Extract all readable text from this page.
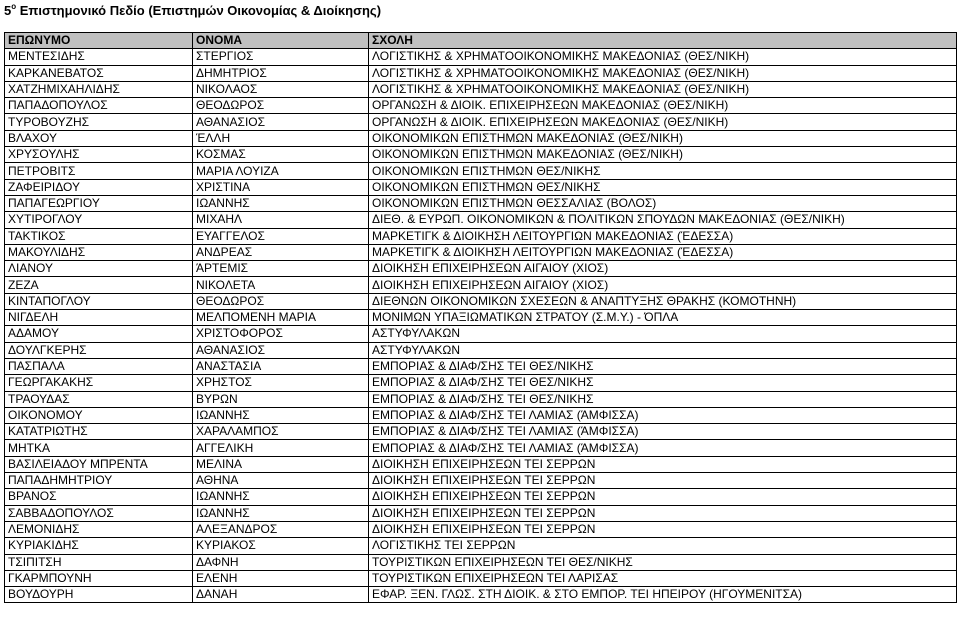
$5^o$ Επιστημονικό Πεδίο (Επιστημών Οικονομίας & Διοίκησης)
ΕΠΩΝΥΜΟ	ΟΝΟΜΑ	ΣΧΟΛΗ
ΜΕΝΤΕΣΙΔΗΣ	ΣΤΕΡΓΙΟΣ	ΛΟΓΙΣΤΙΚΗΣ & ΧΡΗΜΑΤΟΟΙΚΟΝΟΜΙΚΗΣ ΜΑΚΕΔΟΝΙΑΣ (ΘΕΣ/ΝΙΚΗ)
ΚΑΡΚΑΝΕΒΑΤΟΣ	ΔΗΜΗΤΡΙΟΣ	ΛΟΓΙΣΤΙΚΗΣ & ΧΡΗΜΑΤΟΟΙΚΟΝΟΜΙΚΗΣ ΜΑΚΕΔΟΝΙΑΣ (ΘΕΣ/ΝΙΚΗ)
ΧΑΤΖΗΜΙΧΑΗΛΙΔΗΣ	ΝΙΚΟΛΑΟΣ	ΛΟΓΙΣΤΙΚΗΣ & ΧΡΗΜΑΤΟΟΙΚΟΝΟΜΙΚΗΣ ΜΑΚΕΔΟΝΙΑΣ (ΘΕΣ/ΝΙΚΗ)
ΠΑΠΑΔΟΠΟΥΛΟΣ	ΘΕΟΔΩΡΟΣ	ΟΡΓΑΝΩΣΗ & ΔΙΟΙΚ. ΕΠΙΧΕΙΡΗΣΕΩΝ ΜΑΚΕΔΟΝΙΑΣ (ΘΕΣ/ΝΙΚΗ)
ΤΥΡΟΒΟΥΖΗΣ	ΑΘΑΝΑΣΙΟΣ	ΟΡΓΑΝΩΣΗ & ΔΙΟΙΚ. ΕΠΙΧΕΙΡΗΣΕΩΝ ΜΑΚΕΔΟΝΙΑΣ (ΘΕΣ/ΝΙΚΗ)
ΒΛΑΧΟΥ	ΈΛΛΗ	ΟΙΚΟΝΟΜΙΚΩΝ ΕΠΙΣΤΗΜΩΝ ΜΑΚΕΔΟΝΙΑΣ (ΘΕΣ/ΝΙΚΗ)
ΧΡΥΣΟΥΛΗΣ	ΚΟΣΜΑΣ	ΟΙΚΟΝΟΜΙΚΩΝ ΕΠΙΣΤΗΜΩΝ ΜΑΚΕΔΟΝΙΑΣ (ΘΕΣ/ΝΙΚΗ)
ΠΕΤΡΟΒΙΤΣ	ΜΑΡΙΑ ΛΟΥΙΖΑ	ΟΙΚΟΝΟΜΙΚΩΝ ΕΠΙΣΤΗΜΩΝ ΘΕΣ/ΝΙΚΗΣ
ΖΑΦΕΙΡΙΔΟΥ	ΧΡΙΣΤΙΝΑ	ΟΙΚΟΝΟΜΙΚΩΝ ΕΠΙΣΤΗΜΩΝ ΘΕΣ/ΝΙΚΗΣ
ΠΑΠΑΓΕΩΡΓΙΟΥ	ΙΩΑΝΝΗΣ	ΟΙΚΟΝΟΜΙΚΩΝ ΕΠΙΣΤΗΜΩΝ ΘΕΣΣΑΛΙΑΣ (ΒΟΛΟΣ)
ΧΥΤΙΡΟΓΛΟΥ	ΜΙΧΑΗΛ	ΔΙΕΘ. & ΕΥΡΩΠ. ΟΙΚΟΝΟΜΙΚΩΝ & ΠΟΛΙΤΙΚΩΝ ΣΠΟΥΔΩΝ ΜΑΚΕΔΟΝΙΑΣ (ΘΕΣ/ΝΙΚΗ)
ΤΑΚΤΙΚΟΣ	ΕΥΑΓΓΕΛΟΣ	ΜΑΡΚΕΤΙΓΚ & ΔΙΟΙΚΗΣΗ ΛΕΙΤΟΥΡΓΙΩΝ ΜΑΚΕΔΟΝΙΑΣ (ΈΔΕΣΣΑ)
ΜΑΚΟΥΛΙΔΗΣ	ΑΝΔΡΕΑΣ	ΜΑΡΚΕΤΙΓΚ & ΔΙΟΙΚΗΣΗ ΛΕΙΤΟΥΡΓΙΩΝ ΜΑΚΕΔΟΝΙΑΣ (ΈΔΕΣΣΑ)
ΛΙΑΝΟΥ	ΆΡΤΕΜΙΣ	ΔΙΟΙΚΗΣΗ ΕΠΙΧΕΙΡΗΣΕΩΝ ΑΙΓΑΙΟΥ (ΧΙΟΣ)
ΖΕΖΑ	ΝΙΚΟΛΕΤΑ	ΔΙΟΙΚΗΣΗ ΕΠΙΧΕΙΡΗΣΕΩΝ ΑΙΓΑΙΟΥ (ΧΙΟΣ)
ΚΙΝΤΑΠΟΓΛΟΥ	ΘΕΟΔΩΡΟΣ	ΔΙΕΘΝΩΝ ΟΙΚΟΝΟΜΙΚΩΝ ΣΧΕΣΕΩΝ & ΑΝΑΠΤΥΞΗΣ ΘΡΑΚΗΣ (ΚΟΜΟΤΗΝΗ)
ΝΙΓΔΕΛΗ	ΜΕΛΠΟΜΕΝΗ ΜΑΡΙΑ	ΜΟΝΙΜΩΝ ΥΠΑΞΙΩΜΑΤΙΚΩΝ ΣΤΡΑΤΟΥ (Σ.Μ.Υ.) - ΌΠΛΑ
ΑΔΑΜΟΥ	ΧΡΙΣΤΟΦΟΡΟΣ	ΑΣΤΥΦΥΛΑΚΩΝ
ΔΟΥΛΓΚΕΡΗΣ	ΑΘΑΝΑΣΙΟΣ	ΑΣΤΥΦΥΛΑΚΩΝ
ΠΑΣΠΑΛΑ	ΑΝΑΣΤΑΣΙΑ	ΕΜΠΟΡΙΑΣ & ΔΙΑΦ/ΣΗΣ ΤΕΙ ΘΕΣ/ΝΙΚΗΣ
ΓΕΩΡΓΑΚΑΚΗΣ	ΧΡΗΣΤΟΣ	ΕΜΠΟΡΙΑΣ & ΔΙΑΦ/ΣΗΣ ΤΕΙ ΘΕΣ/ΝΙΚΗΣ
ΤΡΑΟΥΔΑΣ	ΒΥΡΩΝ	ΕΜΠΟΡΙΑΣ & ΔΙΑΦ/ΣΗΣ ΤΕΙ ΘΕΣ/ΝΙΚΗΣ
ΟΙΚΟΝΟΜΟΥ	ΙΩΑΝΝΗΣ	ΕΜΠΟΡΙΑΣ & ΔΙΑΦ/ΣΗΣ ΤΕΙ ΛΑΜΙΑΣ (ΆΜΦΙΣΣΑ)
ΚΑΤΑΤΡΙΩΤΗΣ	ΧΑΡΑΛΑΜΠΟΣ	ΕΜΠΟΡΙΑΣ & ΔΙΑΦ/ΣΗΣ ΤΕΙ ΛΑΜΙΑΣ (ΆΜΦΙΣΣΑ)
ΜΗΤΚΑ	ΑΓΓΕΛΙΚΗ	ΕΜΠΟΡΙΑΣ & ΔΙΑΦ/ΣΗΣ ΤΕΙ ΛΑΜΙΑΣ (ΆΜΦΙΣΣΑ)
ΒΑΣΙΛΕΙΑΔΟΥ ΜΠΡΕΝΤΑ	ΜΕΛΙΝΑ	ΔΙΟΙΚΗΣΗ ΕΠΙΧΕΙΡΗΣΕΩΝ ΤΕΙ ΣΕΡΡΩΝ
ΠΑΠΑΔΗΜΗΤΡΙΟΥ	ΑΘΗΝΑ	ΔΙΟΙΚΗΣΗ ΕΠΙΧΕΙΡΗΣΕΩΝ ΤΕΙ ΣΕΡΡΩΝ
ΒΡΑΝΟΣ	ΙΩΑΝΝΗΣ	ΔΙΟΙΚΗΣΗ ΕΠΙΧΕΙΡΗΣΕΩΝ ΤΕΙ ΣΕΡΡΩΝ
ΣΑΒΒΑΔΟΠΟΥΛΟΣ	ΙΩΑΝΝΗΣ	ΔΙΟΙΚΗΣΗ ΕΠΙΧΕΙΡΗΣΕΩΝ ΤΕΙ ΣΕΡΡΩΝ
ΛΕΜΟΝΙΔΗΣ	ΑΛΕΞΑΝΔΡΟΣ	ΔΙΟΙΚΗΣΗ ΕΠΙΧΕΙΡΗΣΕΩΝ ΤΕΙ ΣΕΡΡΩΝ
ΚΥΡΙΑΚΙΔΗΣ	ΚΥΡΙΑΚΟΣ	ΛΟΓΙΣΤΙΚΗΣ ΤΕΙ ΣΕΡΡΩΝ
ΤΣΙΠΙΤΣΗ	ΔΑΦΝΗ	ΤΟΥΡΙΣΤΙΚΩΝ ΕΠΙΧΕΙΡΗΣΕΩΝ ΤΕΙ ΘΕΣ/ΝΙΚΗΣ
ΓΚΑΡΜΠΟΥΝΗ	ΕΛΕΝΗ	ΤΟΥΡΙΣΤΙΚΩΝ ΕΠΙΧΕΙΡΗΣΕΩΝ ΤΕΙ ΛΑΡΙΣΑΣ
ΒΟΥΔΟΥΡΗ	ΔΑΝΑΗ	ΕΦΑΡ. ΞΕΝ. ΓΛΩΣ. ΣΤΗ ΔΙΟΙΚ. & ΣΤΟ ΕΜΠΟΡ. ΤΕΙ ΗΠΕΙΡΟΥ (ΗΓΟΥΜΕΝΙΤΣΑ)
